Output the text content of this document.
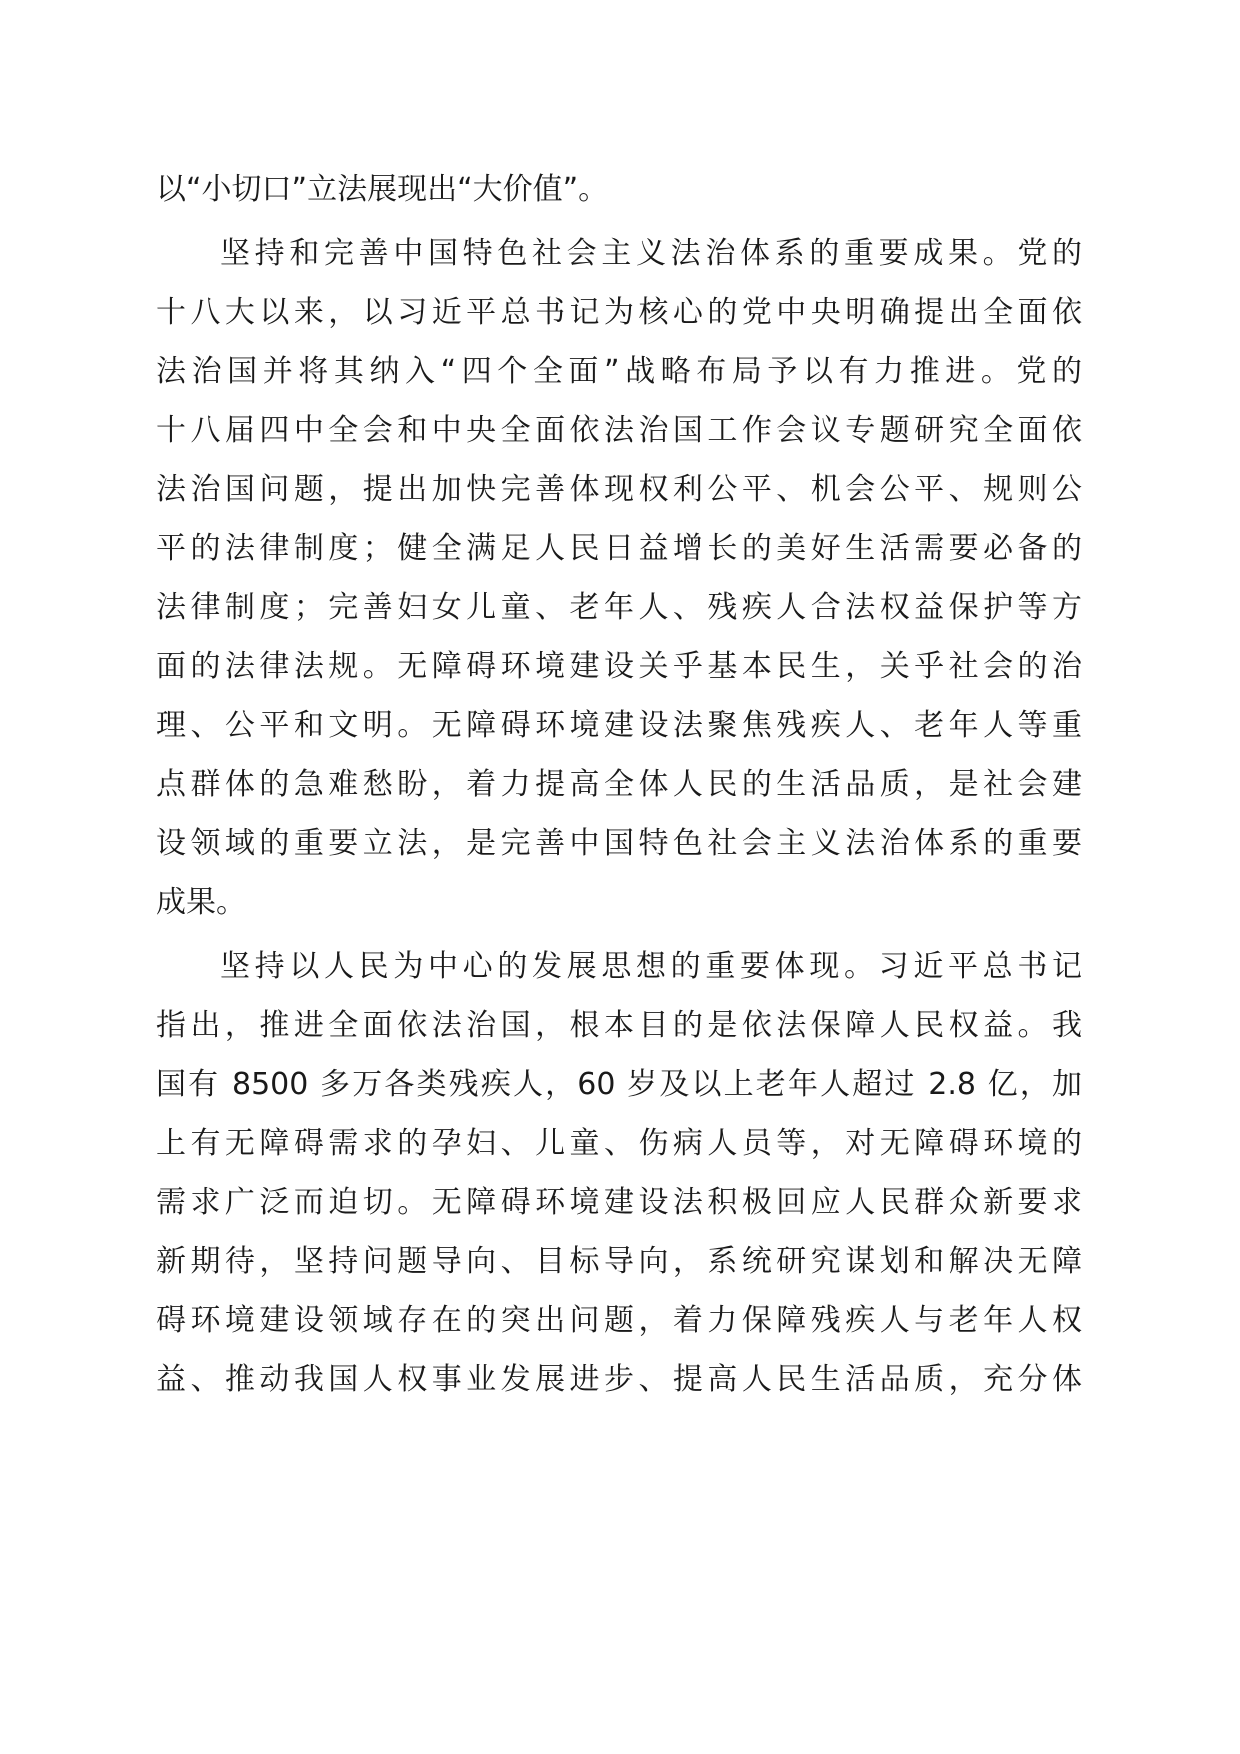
以“小切口”立法展现出“大价值”。
坚持和完善中国特色社会主义法治体系的重要成果。党的
十八大以来，以习近平总书记为核心的党中央明确提出全面依
法治国并将其纳入“四个全面”战略布局予以有力推进。党的
十八届四中全会和中央全面依法治国工作会议专题研究全面依
法治国问题，提出加快完善体现权利公平、机会公平、规则公
平的法律制度；健全满足人民日益增长的美好生活需要必备的
法律制度；完善妇女儿童、老年人、残疾人合法权益保护等方
面的法律法规。无障碍环境建设关乎基本民生，关乎社会的治
理、公平和文明。无障碍环境建设法聚焦残疾人、老年人等重
点群体的急难愁盼，着力提高全体人民的生活品质，是社会建
设领域的重要立法，是完善中国特色社会主义法治体系的重要
成果。
坚持以人民为中心的发展思想的重要体现。习近平总书记
指出，推进全面依法治国，根本目的是依法保障人民权益。我
国有 8500 多万各类残疾人，60 岁及以上老年人超过 2.8 亿，加
上有无障碍需求的孕妇、儿童、伤病人员等，对无障碍环境的
需求广泛而迫切。无障碍环境建设法积极回应人民群众新要求
新期待，坚持问题导向、目标导向，系统研究谋划和解决无障
碍环境建设领域存在的突出问题，着力保障残疾人与老年人权
益、推动我国人权事业发展进步、提高人民生活品质，充分体
